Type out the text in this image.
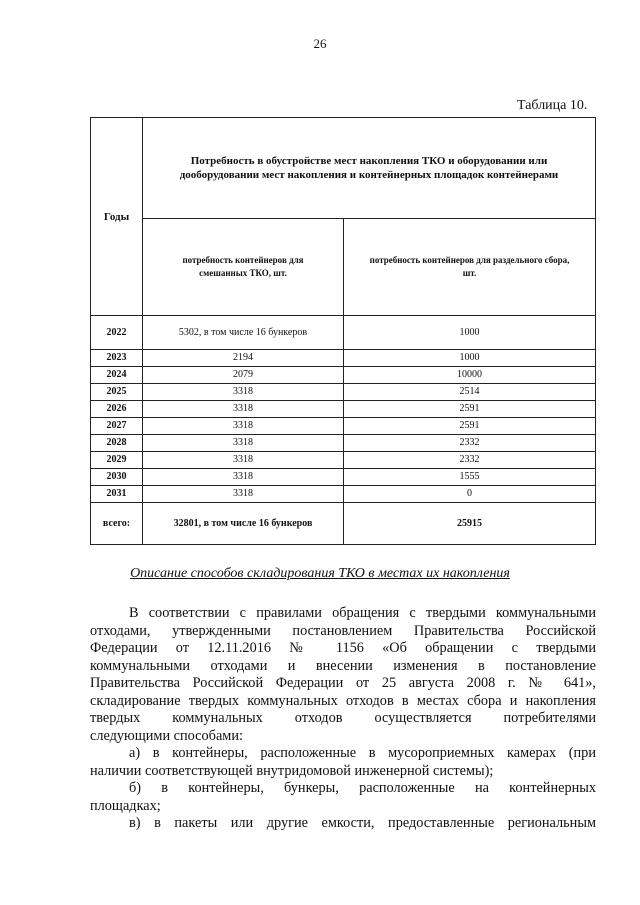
26
Таблица 10.
Годы	Потребность в обустройстве мест накопления ТКО и оборудовании или дооборудовании мест накопления и контейнерных площадок контейнерами	

	потребность контейнеров для смешанных ТКО, шт.	потребность контейнеров для раздельного сбора, шт.

2022	5302, в том числе 16 бункеров	1000
2023	2194	1000
2024	2079	10000
2025	3318	2514
2026	3318	2591
2027	3318	2591
2028	3318	2332
2029	3318	2332
2030	3318	1555
2031	3318	0
всего:	32801, в том числе 16 бункеров	25915
Описание способов складирования ТКО в местах их накопления

В соответствии с правилами обращения с твердыми коммунальными

отходами, утвержденными постановлением Правительства Российской

Федерации от 12.11.2016 № 1156 «Об обращении с твердыми

коммунальными отходами и внесении изменения в постановление

Правительства Российской Федерации от 25 августа 2008 г. № 641»,

складирование твердых коммунальных отходов в местах сбора и накопления

твердых коммунальных отходов осуществляется потребителями

следующими способами:

а) в контейнеры, расположенные в мусороприемных камерах (при

наличии соответствующей внутридомовой инженерной системы);

б) в контейнеры, бункеры, расположенные на контейнерных

площадках;

в) в пакеты или другие емкости, предоставленные региональным
